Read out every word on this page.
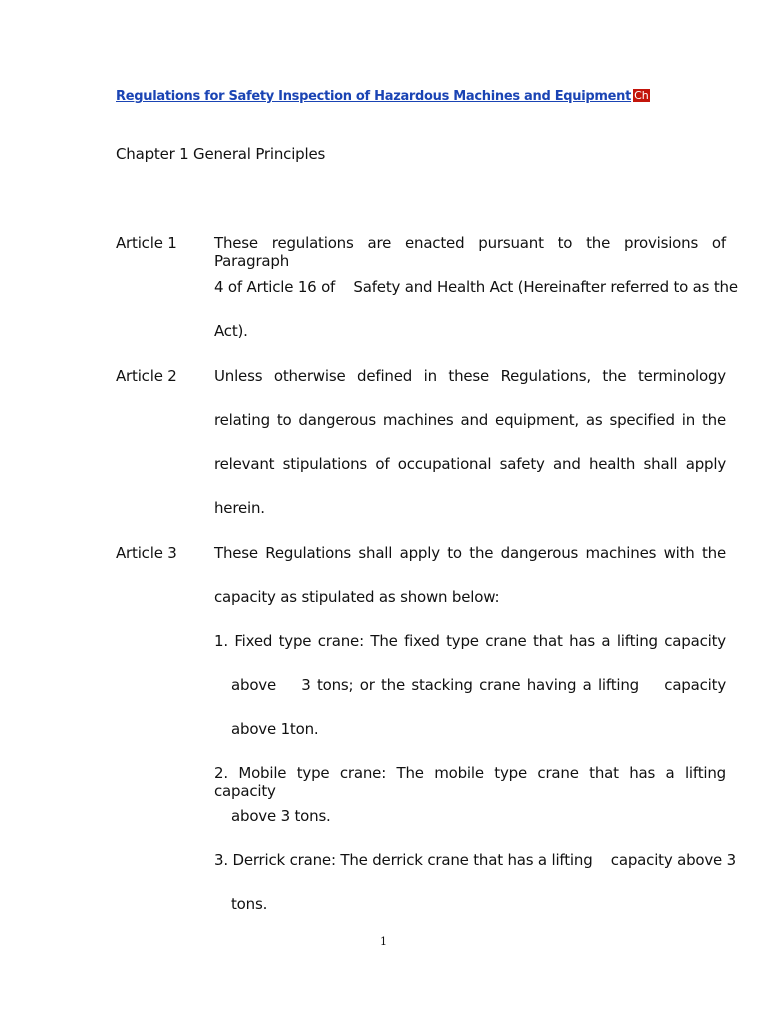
Regulations for Safety Inspection of Hazardous Machines and Equipment Ch
Chapter 1 General Principles
Article 1 These regulations are enacted pursuant to the provisions of Paragraph
4 of Article 16 of    Safety and Health Act (Hereinafter referred to as the
Act).
Article 2 Unless otherwise defined in these Regulations, the terminology
relating to dangerous machines and equipment, as specified in the
relevant stipulations of occupational safety and health shall apply
herein.
Article 3 These Regulations shall apply to the dangerous machines with the
capacity as stipulated as shown below:
1. Fixed type crane: The fixed type crane that has a lifting capacity
above    3 tons; or the stacking crane having a lifting    capacity
above 1ton.
2. Mobile type crane: The mobile type crane that has a lifting capacity
above 3 tons.
3. Derrick crane: The derrick crane that has a lifting    capacity above 3
tons.
1
